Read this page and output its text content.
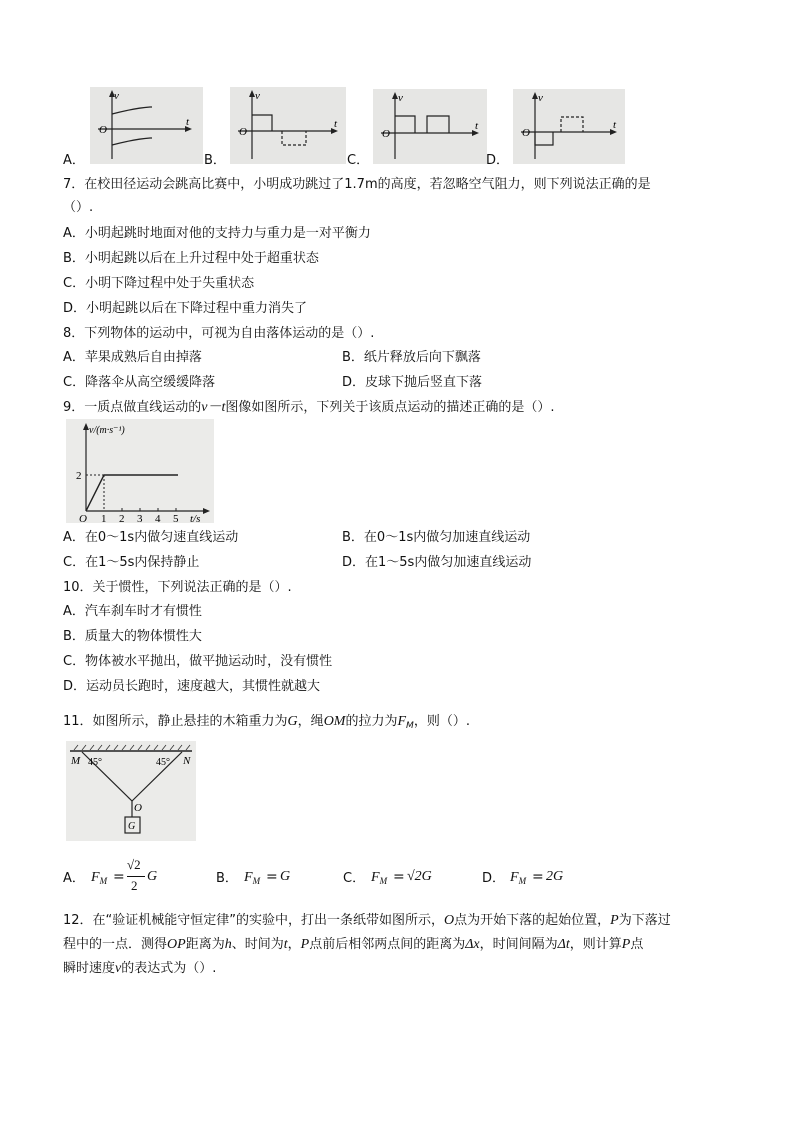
v
O
t
v
O
t
v
O
t
v
O
t
A．	B．	C．	D．
7．在校田径运动会跳高比赛中，小明成功跳过了1.7m的高度，若忽略空气阻力，则下列说法正确的是
（）.
A．小明起跳时地面对他的支持力与重力是一对平衡力
B．小明起跳以后在上升过程中处于超重状态
C．小明下降过程中处于失重状态
D．小明起跳以后在下降过程中重力消失了
8．下列物体的运动中，可视为自由落体运动的是（）.
A．苹果成熟后自由掉落	B．纸片释放后向下飘落
C．降落伞从高空缓缓降落	D．皮球下抛后竖直下落
9．一质点做直线运动的v－t图像如图所示，下列关于该质点运动的描述正确的是（）.
v/(m·s⁻¹)
2
O 1 2 3 4 5 t/s
A．在0～1s内做匀速直线运动	B．在0～1s内做匀加速直线运动
C．在1～5s内保持静止	D．在1～5s内做匀加速直线运动
10．关于惯性，下列说法正确的是（）.
A．汽车刹车时才有惯性
B．质量大的物体惯性大
C．物体被水平抛出，做平抛运动时，没有惯性
D．运动员长跑时，速度越大，其惯性就越大
11．如图所示，静止悬挂的木箱重力为G，绳OM的拉力为$F_M$，则（）.
M	N
45°	45°
O
G
A． $F_M$ =
√2
2
G	B． $F_M = G$	C． $F_M = √2G$	D． $F_M = 2G$
12．在“验证机械能守恒定律”的实验中，打出一条纸带如图所示，O点为开始下落的起始位置，P为下落过
程中的一点．测得OP距离为h、时间为t，P点前后相邻两点间的距离为Δx，时间间隔为Δt，则计算P点
瞬时速度v的表达式为（）.
